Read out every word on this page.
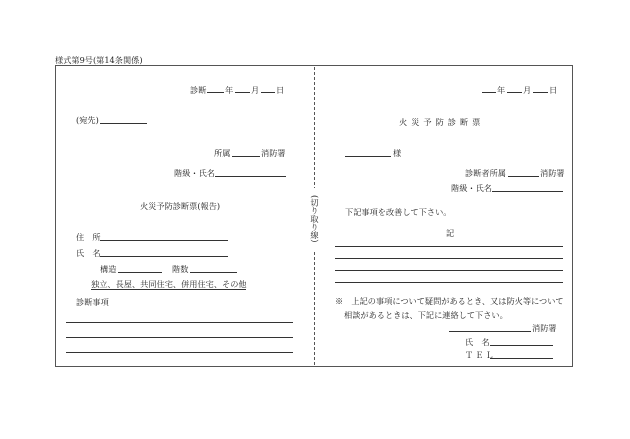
様式第9号(第14条関係)
(切り取り線)
診断 年 月 日
(宛先)
所属	消防署
階級・氏名
火災予防診断票(報告)
住　所
氏　名
構造	階数
独立、長屋、共同住宅、併用住宅、その他
診断事項
年 月 日
火災予防診断票
様
診断者所属	消防署
階級・氏名
下記事項を改善して下さい。
記
※　上記の事項について疑問があるとき、又は防火等について
相談があるときは、下記に連絡して下さい。
消防署
氏　名
ＴＥＬ
